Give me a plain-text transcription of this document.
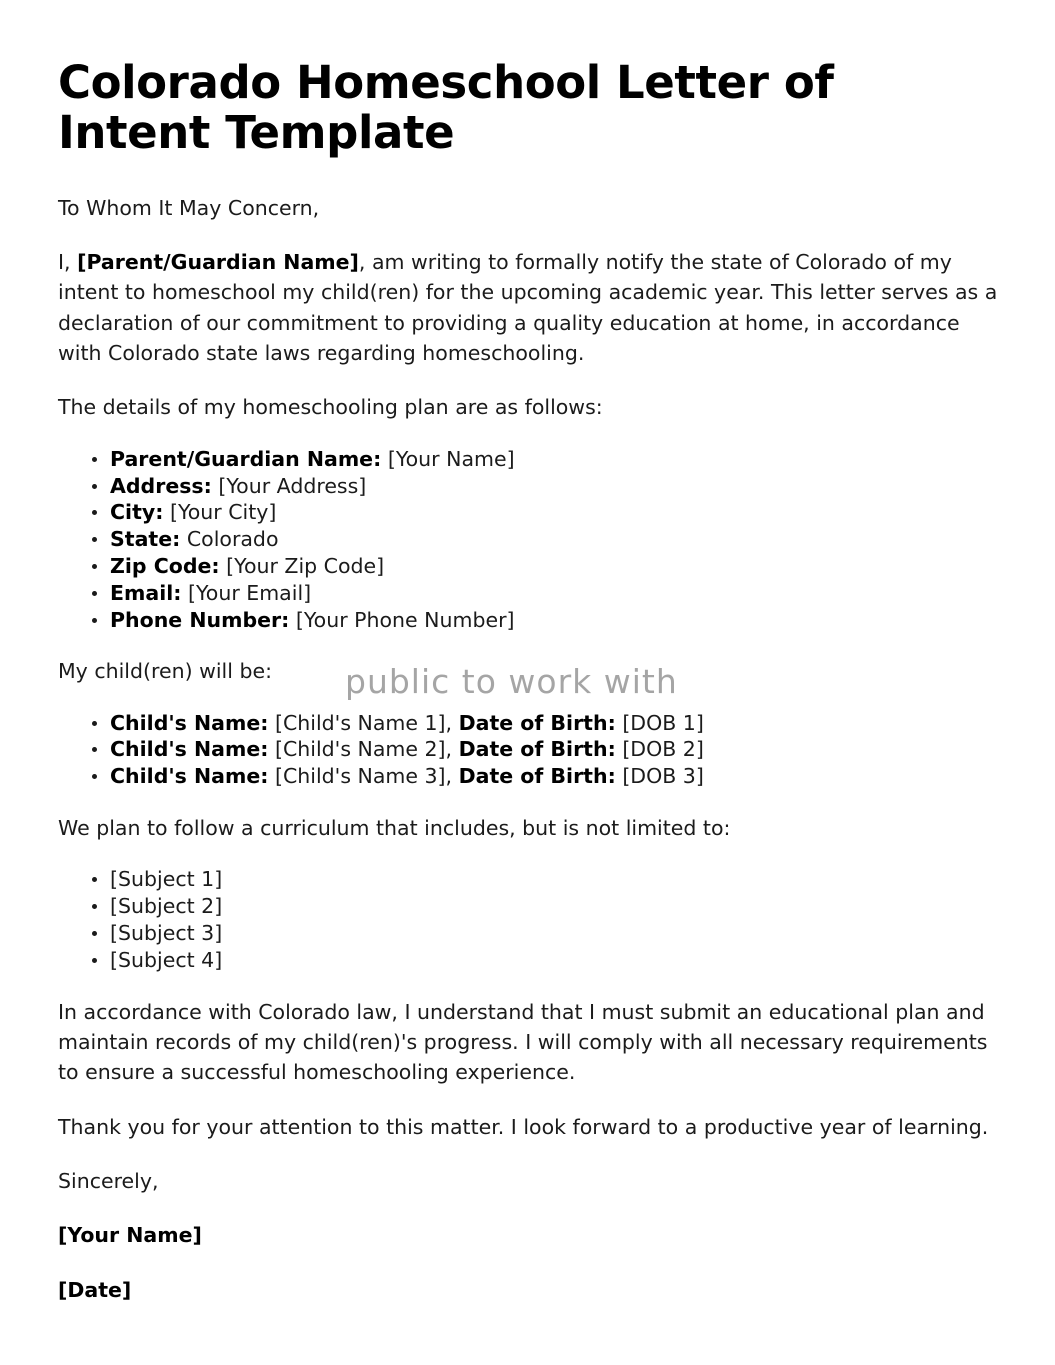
Colorado Homeschool Letter of Intent Template

To Whom It May Concern,

I, [Parent/Guardian Name], am writing to formally notify the state of Colorado of my intent to homeschool my child(ren) for the upcoming academic year. This letter serves as a declaration of our commitment to providing a quality education at home, in accordance with Colorado state laws regarding homeschooling.

The details of my homeschooling plan are as follows:

Parent/Guardian Name: [Your Name]
Address: [Your Address]
City: [Your City]
State: Colorado
Zip Code: [Your Zip Code]
Email: [Your Email]
Phone Number: [Your Phone Number]

My child(ren) will be:

Child's Name: [Child's Name 1], Date of Birth: [DOB 1]
Child's Name: [Child's Name 2], Date of Birth: [DOB 2]
Child's Name: [Child's Name 3], Date of Birth: [DOB 3]

We plan to follow a curriculum that includes, but is not limited to:

[Subject 1]
[Subject 2]
[Subject 3]
[Subject 4]

In accordance with Colorado law, I understand that I must submit an educational plan and maintain records of my child(ren)'s progress. I will comply with all necessary requirements to ensure a successful homeschooling experience.

Thank you for your attention to this matter. I look forward to a productive year of learning.

Sincerely,

[Your Name]

[Date]

public to work with
